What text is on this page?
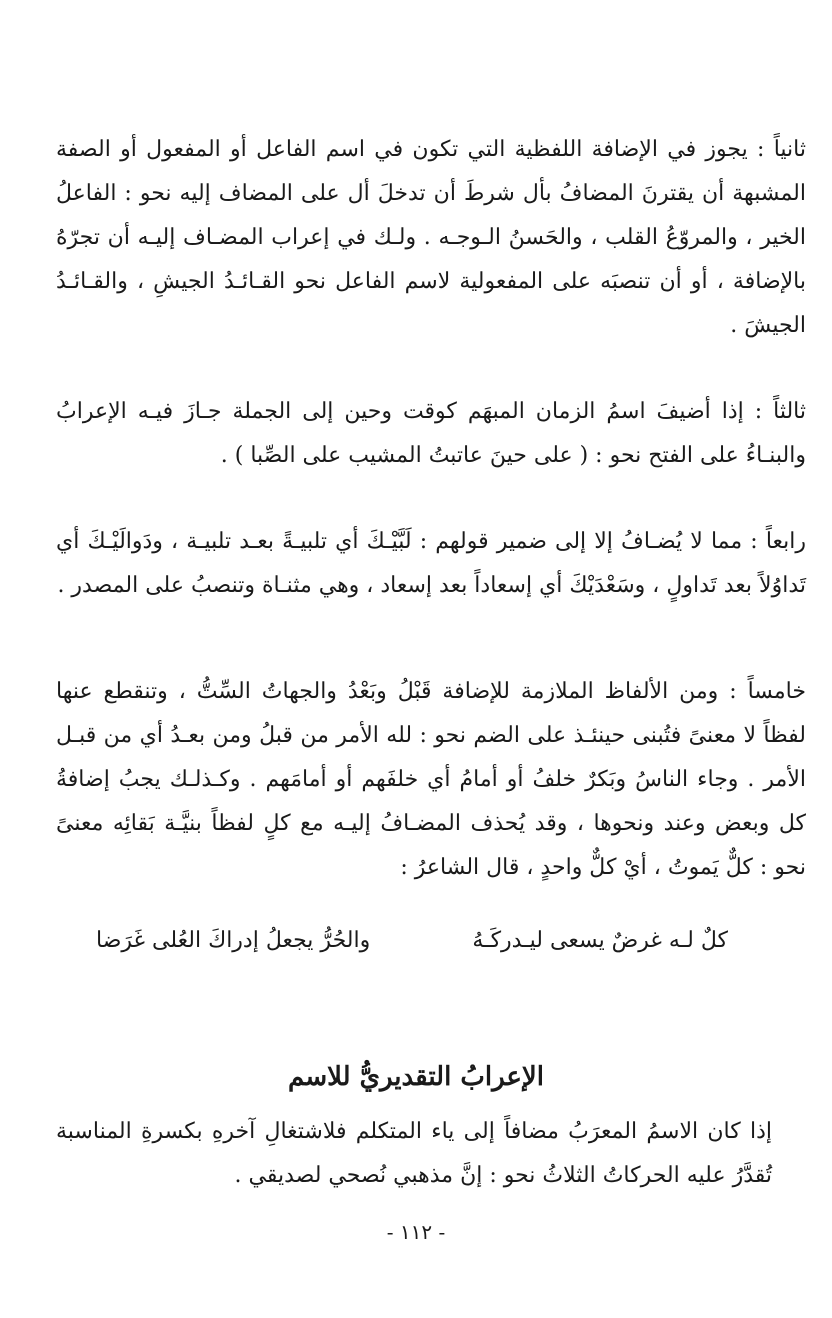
ثانياً : يجوز في الإضافة اللفظية التي تكون في اسم الفاعل أو المفعول أو الصفة المشبهة أن يقترنَ المضافُ بأل شرطَ أن تدخلَ أل على المضاف إليه نحو : الفاعلُ الخير ، والمروّعُ القلب ، والحَسنُ الـوجـه . ولـك في إعراب المضـاف إليـه أن تجرّهُ بالإضافة ، أو أن تنصبَه على المفعولية لاسم الفاعل نحو القـائـدُ الجيشِ ، والقـائـدُ الجيشَ .
ثالثاً : إذا أضيفَ اسمُ الزمان المبهَم كوقت وحين إلى الجملة جـازَ فيـه الإعرابُ والبنـاءُ على الفتح نحو : ( على حينَ عاتبتُ المشيب على الصِّبا ) .
رابعاً : مما لا يُضـافُ إلا إلى ضمير قولهم : لَبَّيْـكَ أي تلبيـةً بعـد تلبيـة ، ودَوالَيْـكَ أي تَداوُلاً بعد تَداولٍ ، وسَعْدَيْكَ أي إسعاداً بعد إسعاد ، وهي مثنـاة وتنصبُ على المصدر .
خامساً : ومن الألفاظ الملازمة للإضافة قَبْلُ وبَعْدُ والجهاتُ السِّتُّ ، وتنقطع عنها لفظاً لا معنىً فتُبنى حينئـذ على الضم نحو : لله الأمر من قبلُ ومن بعـدُ أي من قبـل الأمر . وجاء الناسُ وبَكرٌ خلفُ أو أمامُ أي خلفَهم أو أمامَهم . وكـذلـك يجبُ إضافةُ كل وبعض وعند ونحوها ، وقد يُحذف المضـافُ إليـه مع كلٍ لفظاً بنيَّـة بَقائِه معنىً نحو : كلٌّ يَموتُ ، أيْ كلٌّ واحدٍ ، قال الشاعرُ :
كلٌ لـه غرضٌ يسعى ليـدركَـهُ
والحُرُّ يجعلُ إدراكَ العُلى غَرَضا
الإعرابُ التقديريُّ للاسم
إذا كان الاسمُ المعرَبُ مضافاً إلى ياء المتكلم فلاشتغالِ آخرهِ بكسرةِ المناسبة تُقدَّرُ عليه الحركاتُ الثلاثُ نحو : إنَّ مذهبي نُصحي لصديقي .
- ١١٢ -
